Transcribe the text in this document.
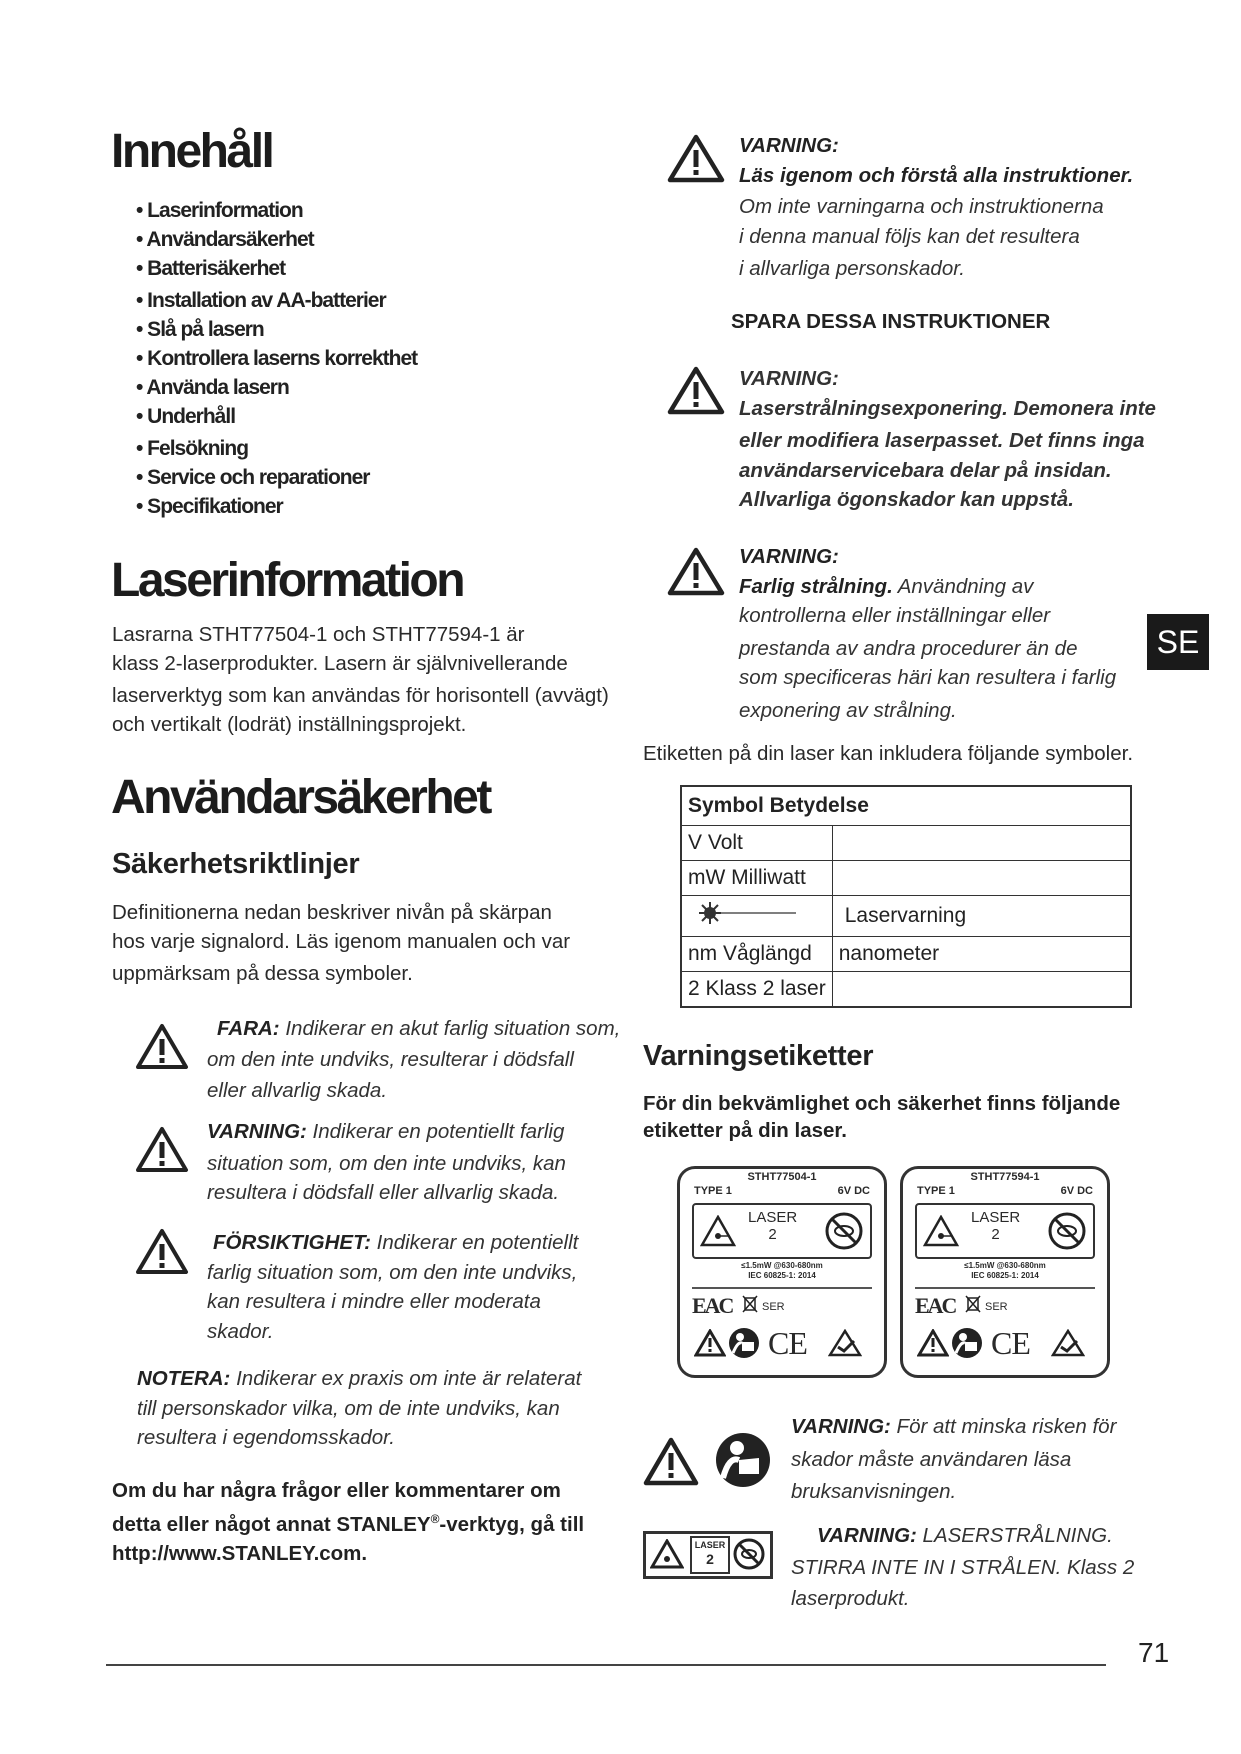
Innehåll
• Laserinformation
• Användarsäkerhet
• Batterisäkerhet
• Installation av AA-batterier
• Slå på lasern
• Kontrollera laserns korrekthet
• Använda lasern
• Underhåll
• Felsökning
• Service och reparationer
• Specifikationer
Laserinformation
Lasrarna STHT77504-1 och STHT77594-1 är
klass 2-laserprodukter. Lasern är självnivellerande
laserverktyg som kan användas för horisontell (avvägt)
och vertikalt (lodrät) inställningsprojekt.
Användarsäkerhet
Säkerhetsriktlinjer
Definitionerna nedan beskriver nivån på skärpan
hos varje signalord. Läs igenom manualen och var
uppmärksam på dessa symboler.
FARA: Indikerar en akut farlig situation som,
om den inte undviks, resulterar i dödsfall
eller allvarlig skada.
VARNING: Indikerar en potentiellt farlig
situation som, om den inte undviks, kan
resultera i dödsfall eller allvarlig skada.
FÖRSIKTIGHET: Indikerar en potentiellt
farlig situation som, om den inte undviks,
kan resultera i mindre eller moderata
skador.
NOTERA: Indikerar ex praxis om inte är relaterat
till personskador vilka, om de inte undviks, kan
resultera i egendomsskador.
Om du har några frågor eller kommentarer om
detta eller något annat STANLEY®-verktyg, gå till
http://www.STANLEY.com.
VARNING:
Läs igenom och förstå alla instruktioner.
Om inte varningarna och instruktionerna
i denna manual följs kan det resultera
i allvarliga personskador.
SPARA DESSA INSTRUKTIONER
VARNING:
Laserstrålningsexponering. Demonera inte
eller modifiera laserpasset. Det finns inga
användarservicebara delar på insidan.
Allvarliga ögonskador kan uppstå.
VARNING:
Farlig strålning. Användning av
kontrollerna eller inställningar eller
prestanda av andra procedurer än de
som specificeras häri kan resultera i farlig
exponering av strålning.
Etiketten på din laser kan inkludera följande symboler.
Symbol Betydelse	
V Volt	
mW Milliwatt	
	Laservarning
nm Våglängd	nanometer
2 Klass 2 laser	
Varningsetiketter
För din bekvämlighet och säkerhet finns följande
etiketter på din laser.
STHT77504-1
TYPE 1	6V DC
LASER
2
≤1.5mW @630-680nm
IEC 60825-1: 2014
EAC	SER
CE
STHT77594-1
TYPE 1	6V DC
LASER
2
≤1.5mW @630-680nm
IEC 60825-1: 2014
EAC	SER
CE
VARNING: För att minska risken för
skador måste användaren läsa
bruksanvisningen.
LASER
2
VARNING: LASERSTRÅLNING.
STIRRA INTE IN I STRÅLEN. Klass 2
laserprodukt.
SE
71
